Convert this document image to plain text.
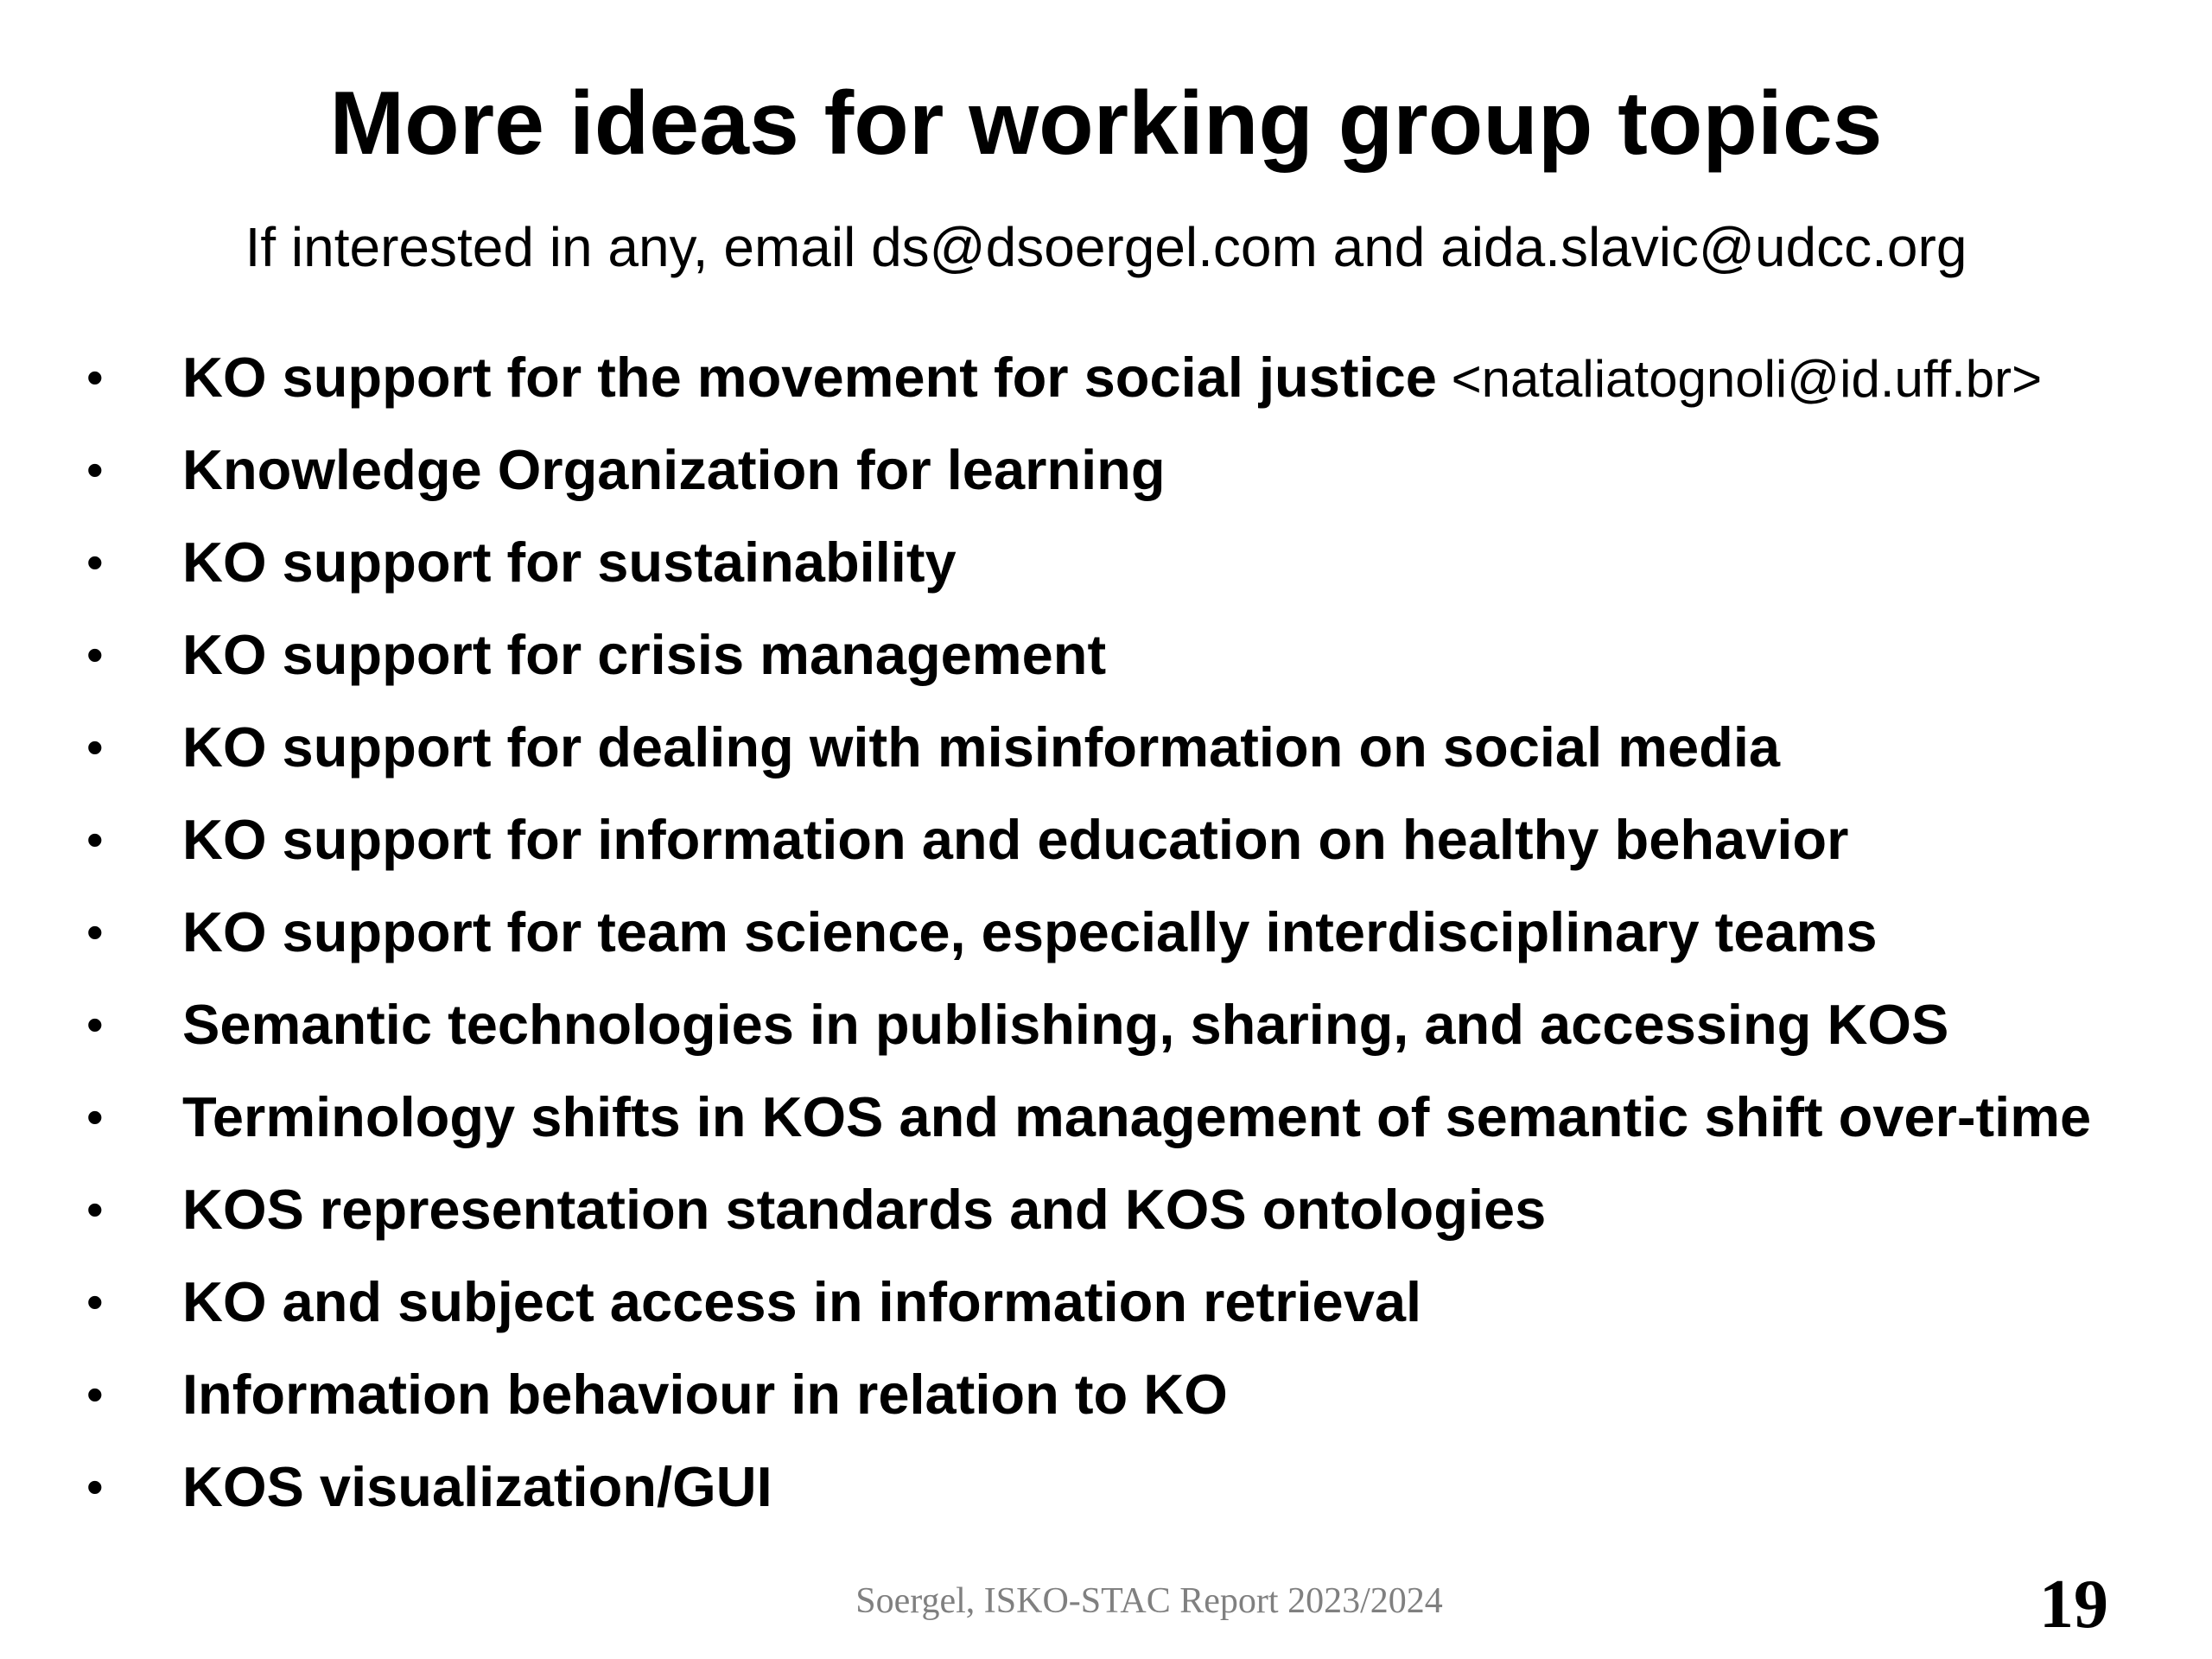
More ideas for working group topics

If interested in any, email ds@dsoergel.com and aida.slavic@udcc.org

•	KO support for the movement for social justice <nataliatognoli@id.uff.br>
•	Knowledge Organization for learning
•	KO support for sustainability
•	KO support for crisis management
•	KO support for dealing with misinformation on social media
•	KO support for information and education on healthy behavior
•	KO support for team science, especially interdisciplinary teams
•	Semantic technologies in publishing, sharing, and accessing KOS
•	Terminology shifts in KOS and management of semantic shift over-time
•	KOS representation standards and KOS ontologies
•	KO and subject access in information retrieval
•	Information behaviour in relation to KO
•	KOS visualization/GUI
Soergel, ISKO-STAC Report 2023/2024	19
